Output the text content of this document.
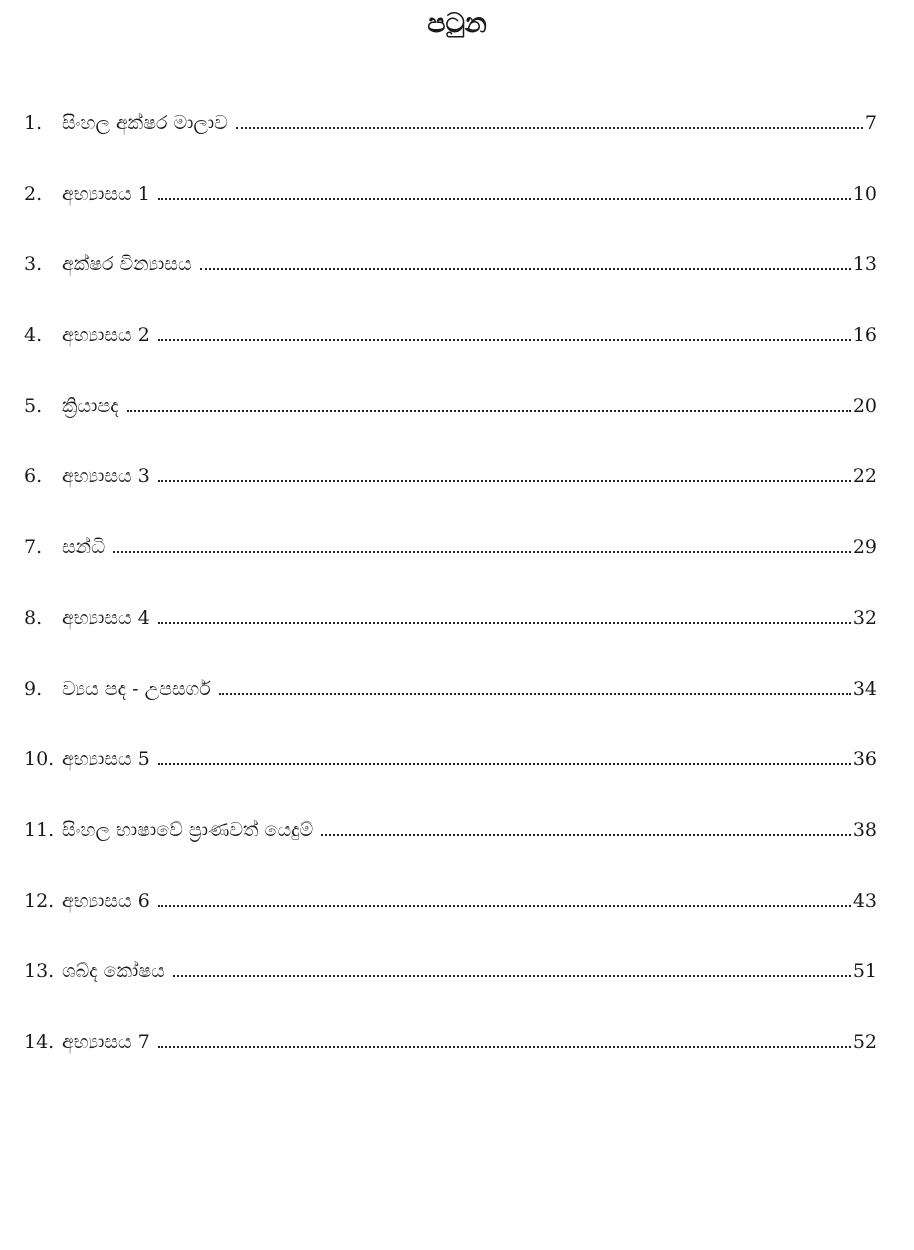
පටුන
1.	සිංහල අක්ෂර මාලාව	7
2.	අභ්‍යාසය 1	10
3.	අක්ෂර වින්‍යාසය	13
4.	අභ්‍යාසය 2	16
5.	ක්‍රියාපද	20
6.	අභ්‍යාසය 3	22
7.	සන්ධි	29
8.	අභ්‍යාසය 4	32
9.	ව්‍යය පද - උපසර්ග	34
10. අභ්‍යාසය 5	36
11. සිංහල භාෂාවේ ප්‍රාණවත් යෙදුම්	38
12. අභ්‍යාසය 6	43
13. ශබ්ද කෝෂය	51
14. අභ්‍යාසය 7	52
